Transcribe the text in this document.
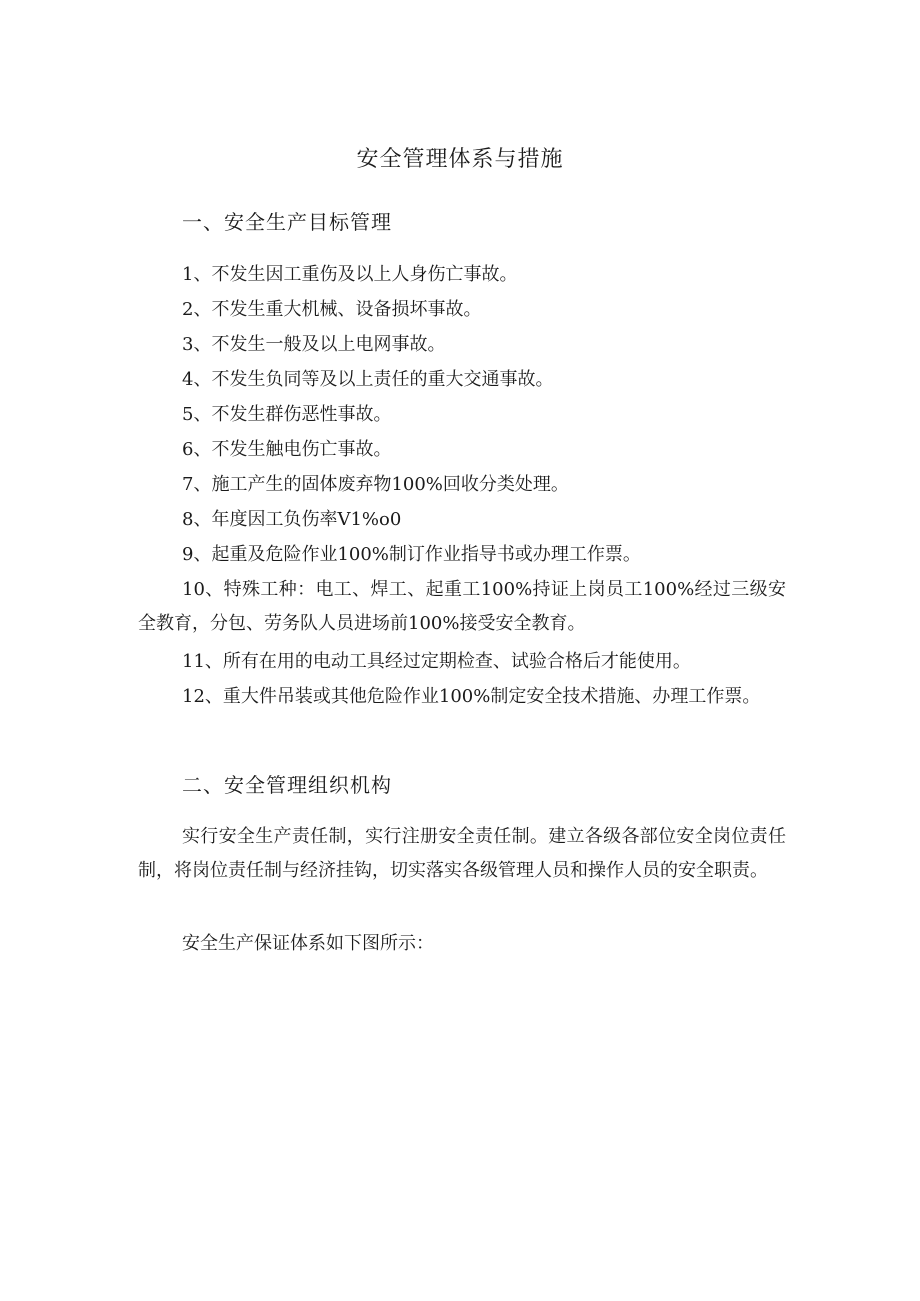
安全管理体系与措施
一、安全生产目标管理
1、不发生因工重伤及以上人身伤亡事故。
2、不发生重大机械、设备损坏事故。
3、不发生一般及以上电网事故。
4、不发生负同等及以上责任的重大交通事故。
5、不发生群伤恶性事故。
6、不发生触电伤亡事故。
7、施工产生的固体废弃物100%回收分类处理。
8、年度因工负伤率V1%o0
9、起重及危险作业100%制订作业指导书或办理工作票。
10、特殊工种：电工、焊工、起重工100%持证上岗员工100%经过三级安全教育，分包、劳务队人员进场前100%接受安全教育。
11、所有在用的电动工具经过定期检查、试验合格后才能使用。
12、重大件吊装或其他危险作业100%制定安全技术措施、办理工作票。
二、安全管理组织机构
实行安全生产责任制，实行注册安全责任制。建立各级各部位安全岗位责任制，将岗位责任制与经济挂钩，切实落实各级管理人员和操作人员的安全职责。
安全生产保证体系如下图所示：
